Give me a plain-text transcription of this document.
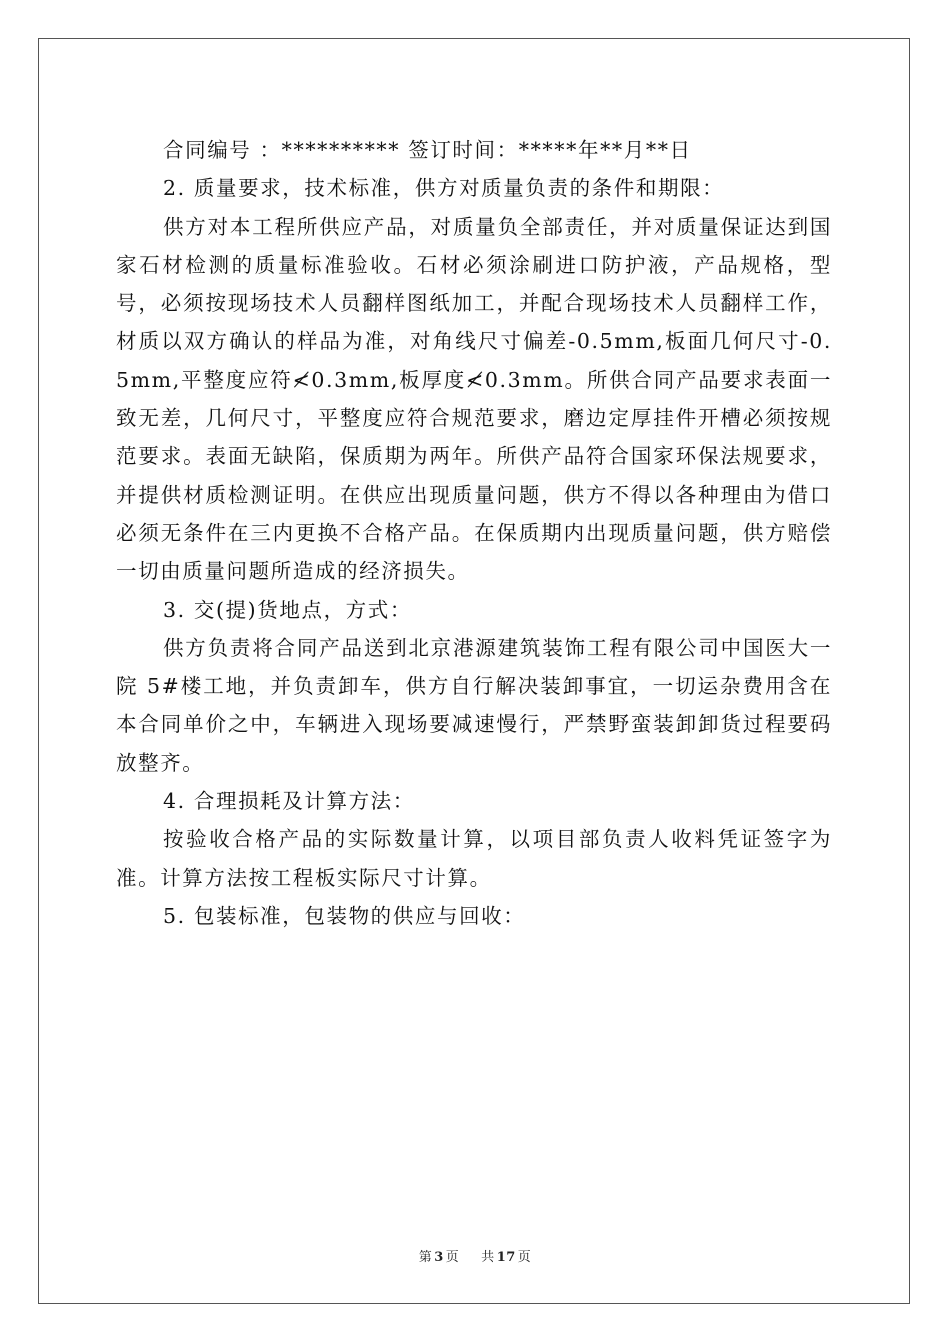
合同编号 ：********** 签订时间：*****年**月**日

2. 质量要求，技术标准，供方对质量负责的条件和期限：

供方对本工程所供应产品，对质量负全部责任，并对质量保证达到国家石材检测的质量标准验收。石材必须涂刷进口防护液，产品规格，型号，必须按现场技术人员翻样图纸加工，并配合现场技术人员翻样工作，材质以双方确认的样品为准，对角线尺寸偏差-0.5mm,板面几何尺寸-0.5mm,平整度应符≮0.3mm,板厚度≮0.3mm。所供合同产品要求表面一致无差，几何尺寸，平整度应符合规范要求，磨边定厚挂件开槽必须按规范要求。表面无缺陷，保质期为两年。所供产品符合国家环保法规要求，并提供材质检测证明。在供应出现质量问题，供方不得以各种理由为借口必须无条件在三内更换不合格产品。在保质期内出现质量问题，供方赔偿一切由质量问题所造成的经济损失。

3. 交(提)货地点，方式：

供方负责将合同产品送到北京港源建筑装饰工程有限公司中国医大一院 5#楼工地，并负责卸车，供方自行解决装卸事宜，一切运杂费用含在本合同单价之中，车辆进入现场要减速慢行，严禁野蛮装卸卸货过程要码放整齐。

4. 合理损耗及计算方法：

按验收合格产品的实际数量计算，以项目部负责人收料凭证签字为准。计算方法按工程板实际尺寸计算。

5. 包装标准，包装物的供应与回收：

第 3 页 共 17 页
